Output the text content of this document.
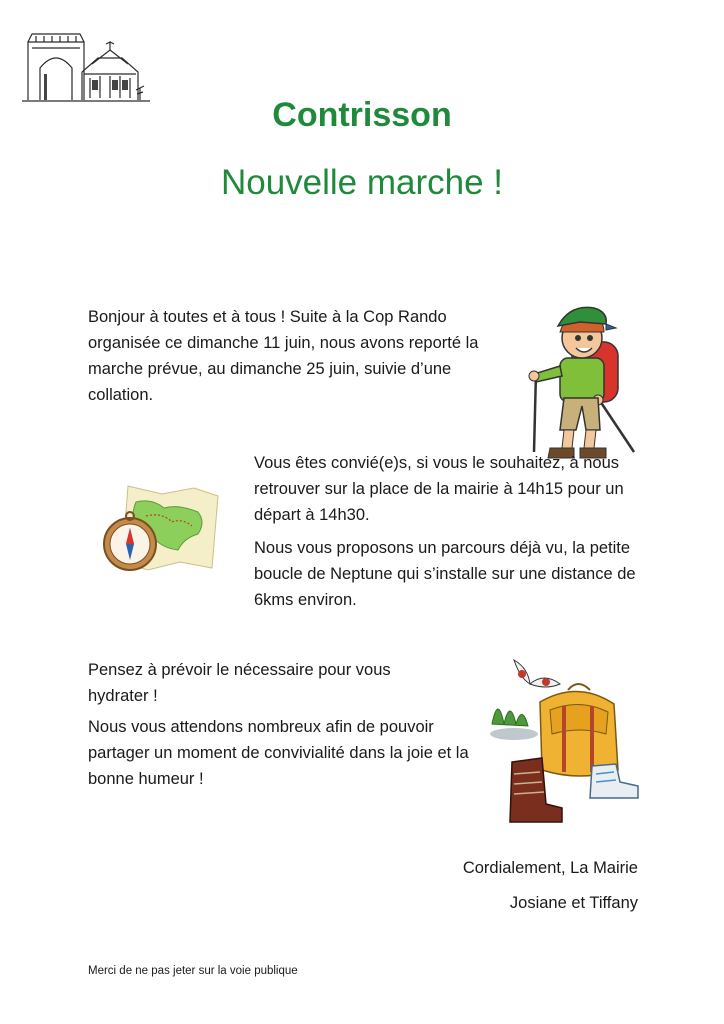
Contrisson
Nouvelle marche !

Bonjour à toutes et à tous ! Suite à la Cop Rando organisée ce dimanche 11 juin, nous avons reporté la marche prévue, au dimanche 25 juin, suivie d’une collation.

Vous êtes convié(e)s, si vous le souhaitez, à nous retrouver sur la place de la mairie à 14h15 pour un départ à 14h30.

Nous vous proposons un parcours déjà vu, la petite boucle de Neptune qui s’installe sur une distance de 6kms environ.

Pensez à prévoir le nécessaire pour vous hydrater !

Nous vous attendons nombreux afin de pouvoir partager un moment de convivialité dans la joie et la bonne humeur !

Cordialement, La Mairie

Josiane et Tiffany

Merci de ne pas jeter sur la voie publique
